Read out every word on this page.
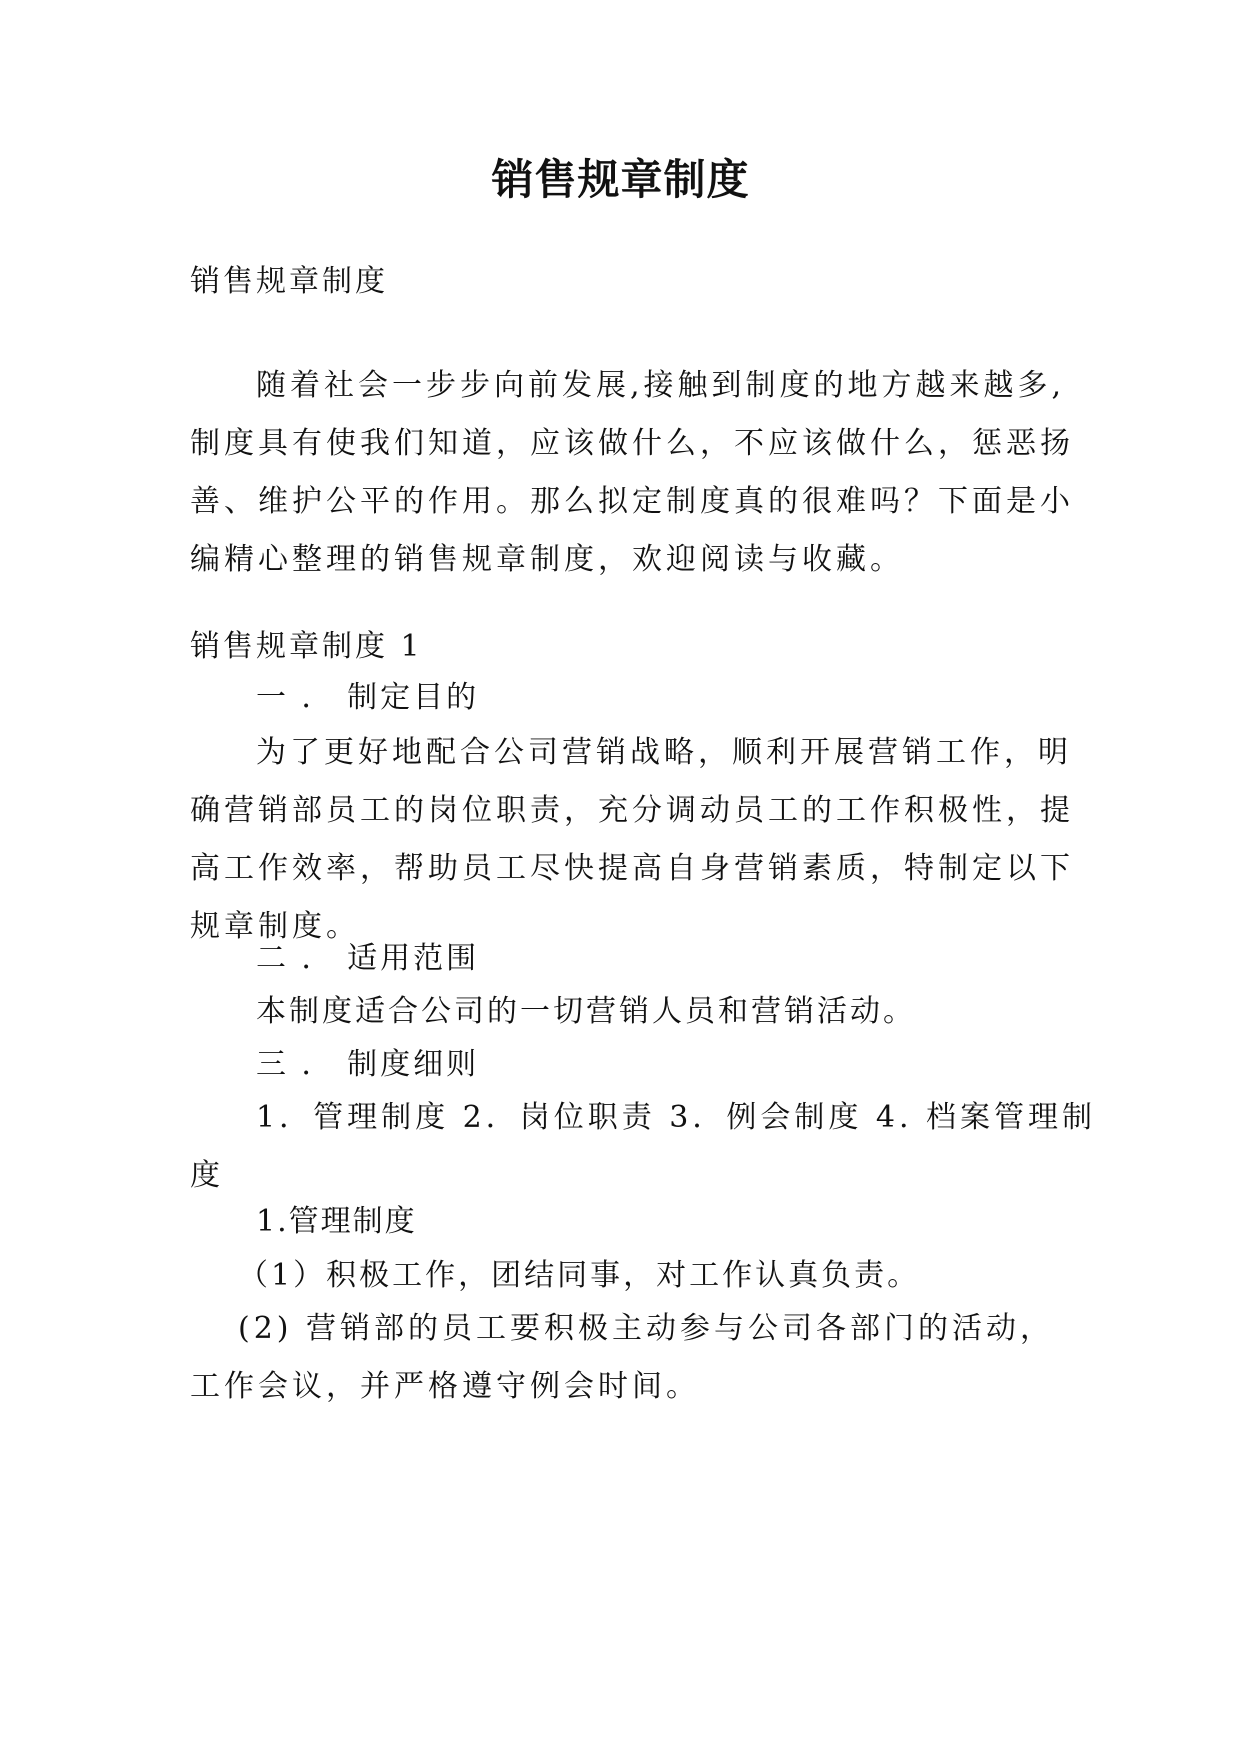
销售规章制度
销售规章制度
随着社会一步步向前发展,接触到制度的地方越来越多,
制度具有使我们知道，应该做什么，不应该做什么，惩恶扬
善、维护公平的作用。那么拟定制度真的很难吗？下面是小
编精心整理的销售规章制度，欢迎阅读与收藏。
销售规章制度 1
一 ． 制定目的
为了更好地配合公司营销战略，顺利开展营销工作，明
确营销部员工的岗位职责，充分调动员工的工作积极性，提
高工作效率，帮助员工尽快提高自身营销素质，特制定以下
规章制度。
二 ． 适用范围
本制度适合公司的一切营销人员和营销活动。
三 ． 制度细则
1．管理制度 2．岗位职责 3．例会制度 4. 档案管理制
度
1.管理制度
（1）积极工作，团结同事，对工作认真负责。
(2) 营销部的员工要积极主动参与公司各部门的活动，
工作会议，并严格遵守例会时间。
